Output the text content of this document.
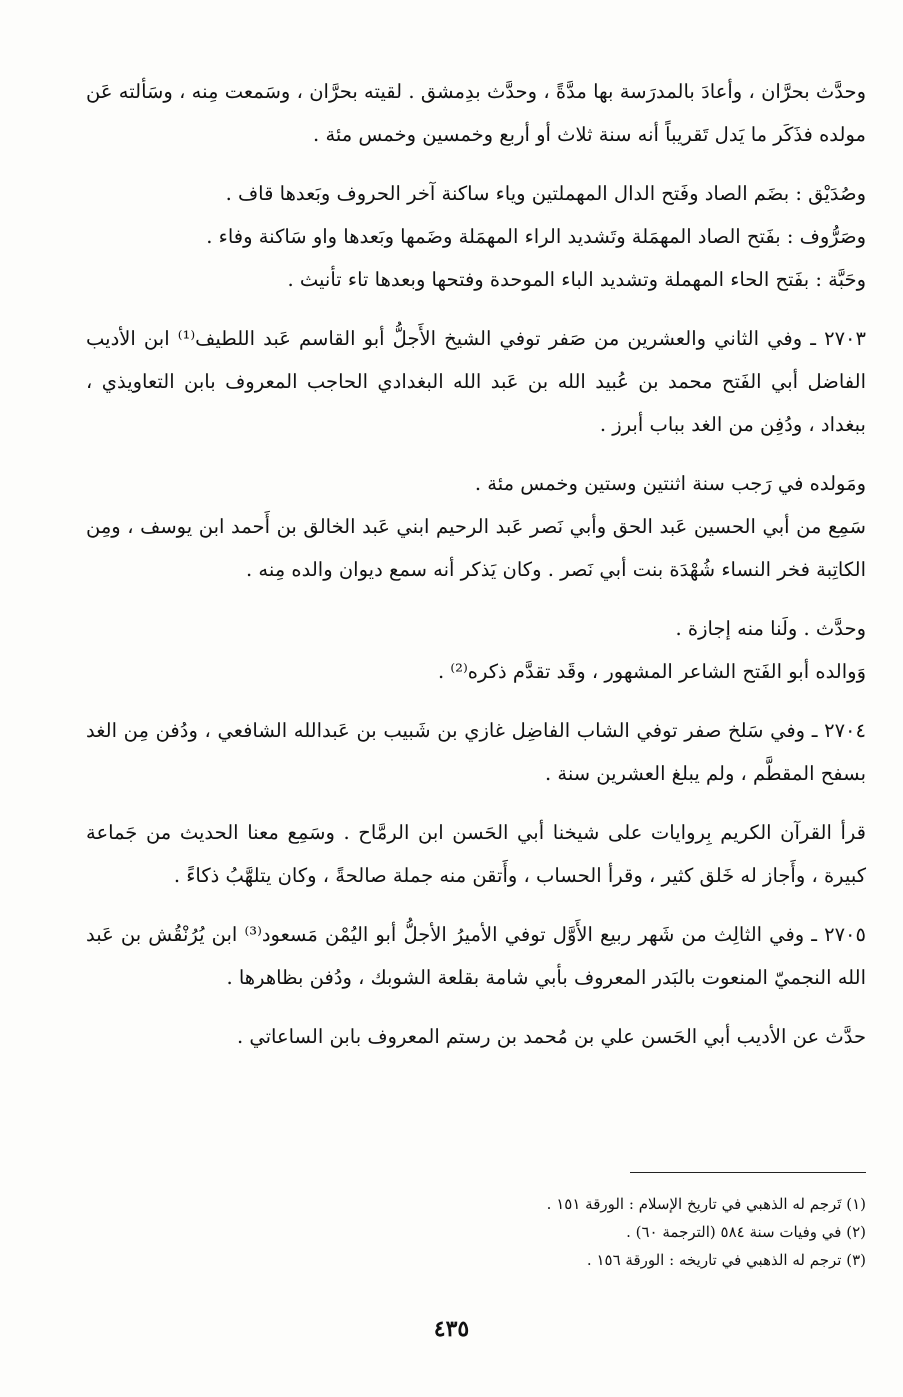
وحدَّث بحرَّان ، وأعادَ بالمدرَسة بها مدَّةً ، وحدَّث بدِمشق . لقيته بحرَّان ، وسَمعت مِنه ، وسَألته عَن مولده فذَكَر ما يَدل تَقريباً أنه سنة ثلاث أو أربع وخمسين وخمس مئة .

وصُدَيْق : بضَم الصاد وفَتح الدال المهملتين وياء ساكنة آخر الحروف وبَعدها قاف .

وصَرُّوف : بفَتح الصاد المهمَلة وتَشديد الراء المهمَلة وضَمها وبَعدها واو سَاكنة وفاء .

وحَبَّة : بفَتح الحاء المهملة وتشديد الباء الموحدة وفتحها وبعدها تاء تأنيث .

٢٧٠٣ ـ وفي الثاني والعشرين من صَفر توفي الشيخ الأَجلُّ أبو القاسم عَبد اللطيف⁽¹⁾ ابن الأديب الفاضل أبي الفَتح محمد بن عُبيد الله بن عَبد الله البغدادي الحاجب المعروف بابن التعاويذي ، ببغداد ، ودُفِن من الغد بباب أبرز .

ومَولده في رَجب سنة اثنتين وستين وخمس مئة .

سَمِع من أبي الحسين عَبد الحق وأبي نَصر عَبد الرحيم ابني عَبد الخالق بن أَحمد ابن يوسف ، ومِن الكاتِبة فخر النساء شُهْدَة بنت أبي نَصر . وكان يَذكر أنه سمع ديوان والده مِنه .

وحدَّث . ولَنا منه إجازة .

وَوالده أبو الفَتح الشاعر المشهور ، وقَد تقدَّم ذكره⁽²⁾ .

٢٧٠٤ ـ وفي سَلخ صفر توفي الشاب الفاضِل غازي بن شَبيب بن عَبدالله الشافعي ، ودُفن مِن الغد بسفح المقطَّم ، ولم يبلغ العشرين سنة .

قرأ القرآن الكريم بِروايات على شيخنا أبي الحَسن ابن الرمَّاح . وسَمِع معنا الحديث من جَماعة كبيرة ، وأَجاز له خَلق كثير ، وقرأ الحساب ، وأَتقن منه جملة صالحةً ، وكان يتلهَّبُ ذكاءً .

٢٧٠٥ ـ وفي الثالِث من شَهر ربيع الأَوَّل توفي الأميرُ الأجلُّ أبو اليُمْن مَسعود⁽³⁾ ابن يُرُنْقُش بن عَبد الله النجميّ المنعوت بالبَدر المعروف بأبي شامة بقلعة الشوبك ، ودُفن بظاهرها .

حدَّث عن الأديب أبي الحَسن علي بن مُحمد بن رستم المعروف بابن الساعاتي .

(١) تَرجم له الذهبي في تاريخ الإسلام : الورقة ١٥١ .

(٢) في وفيات سنة ٥٨٤ (الترجمة ٦٠) .

(٣) ترجم له الذهبي في تاريخه : الورقة ١٥٦ .

٤٣٥
